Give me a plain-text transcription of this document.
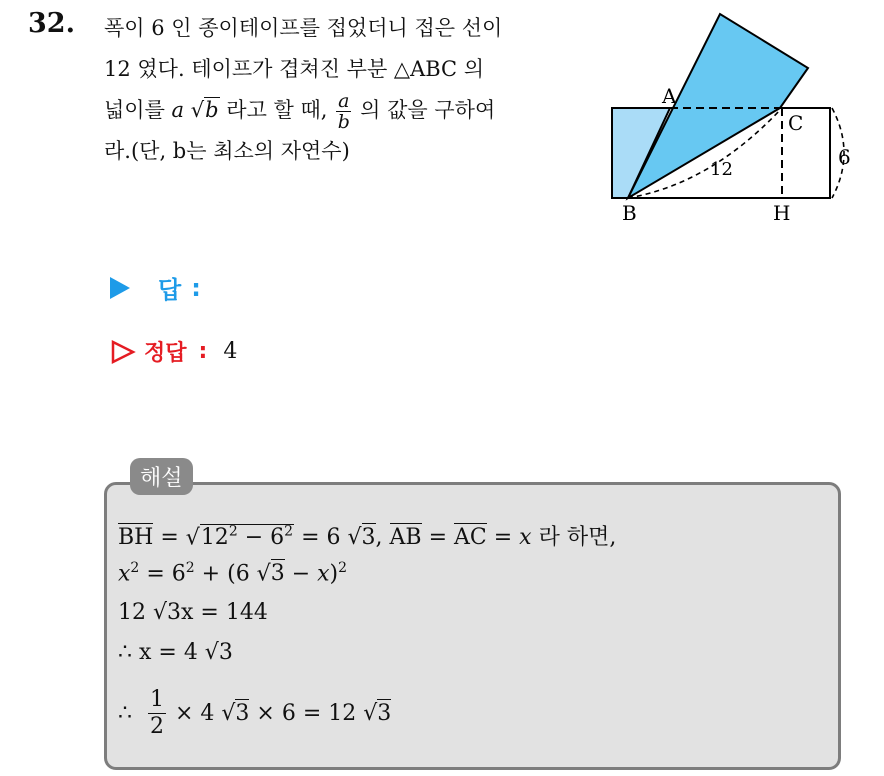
32. 폭이 6 인 종이테이프를 접었더니 접은 선이
12 였다. 테이프가 겹쳐진 부분 △ABC 의
넓이를 a √b 라고 할 때, $\frac{a}{b}$ 의 값을 구하여
라.(단, b는 최소의 자연수)
A
B
C
H
12
6
답 :
정답 : 4
해설
BH = $√12^2 - 6^2 = 6$ √3, AB = AC = x 라 하면,
$x^2 = 6^2 + (6$ √3 − x)$^2$
12 √3x = 144
∴ x = 4 √3
∴ $\frac{1}{2} \times 4$ √3 × 6 = 12 √3
